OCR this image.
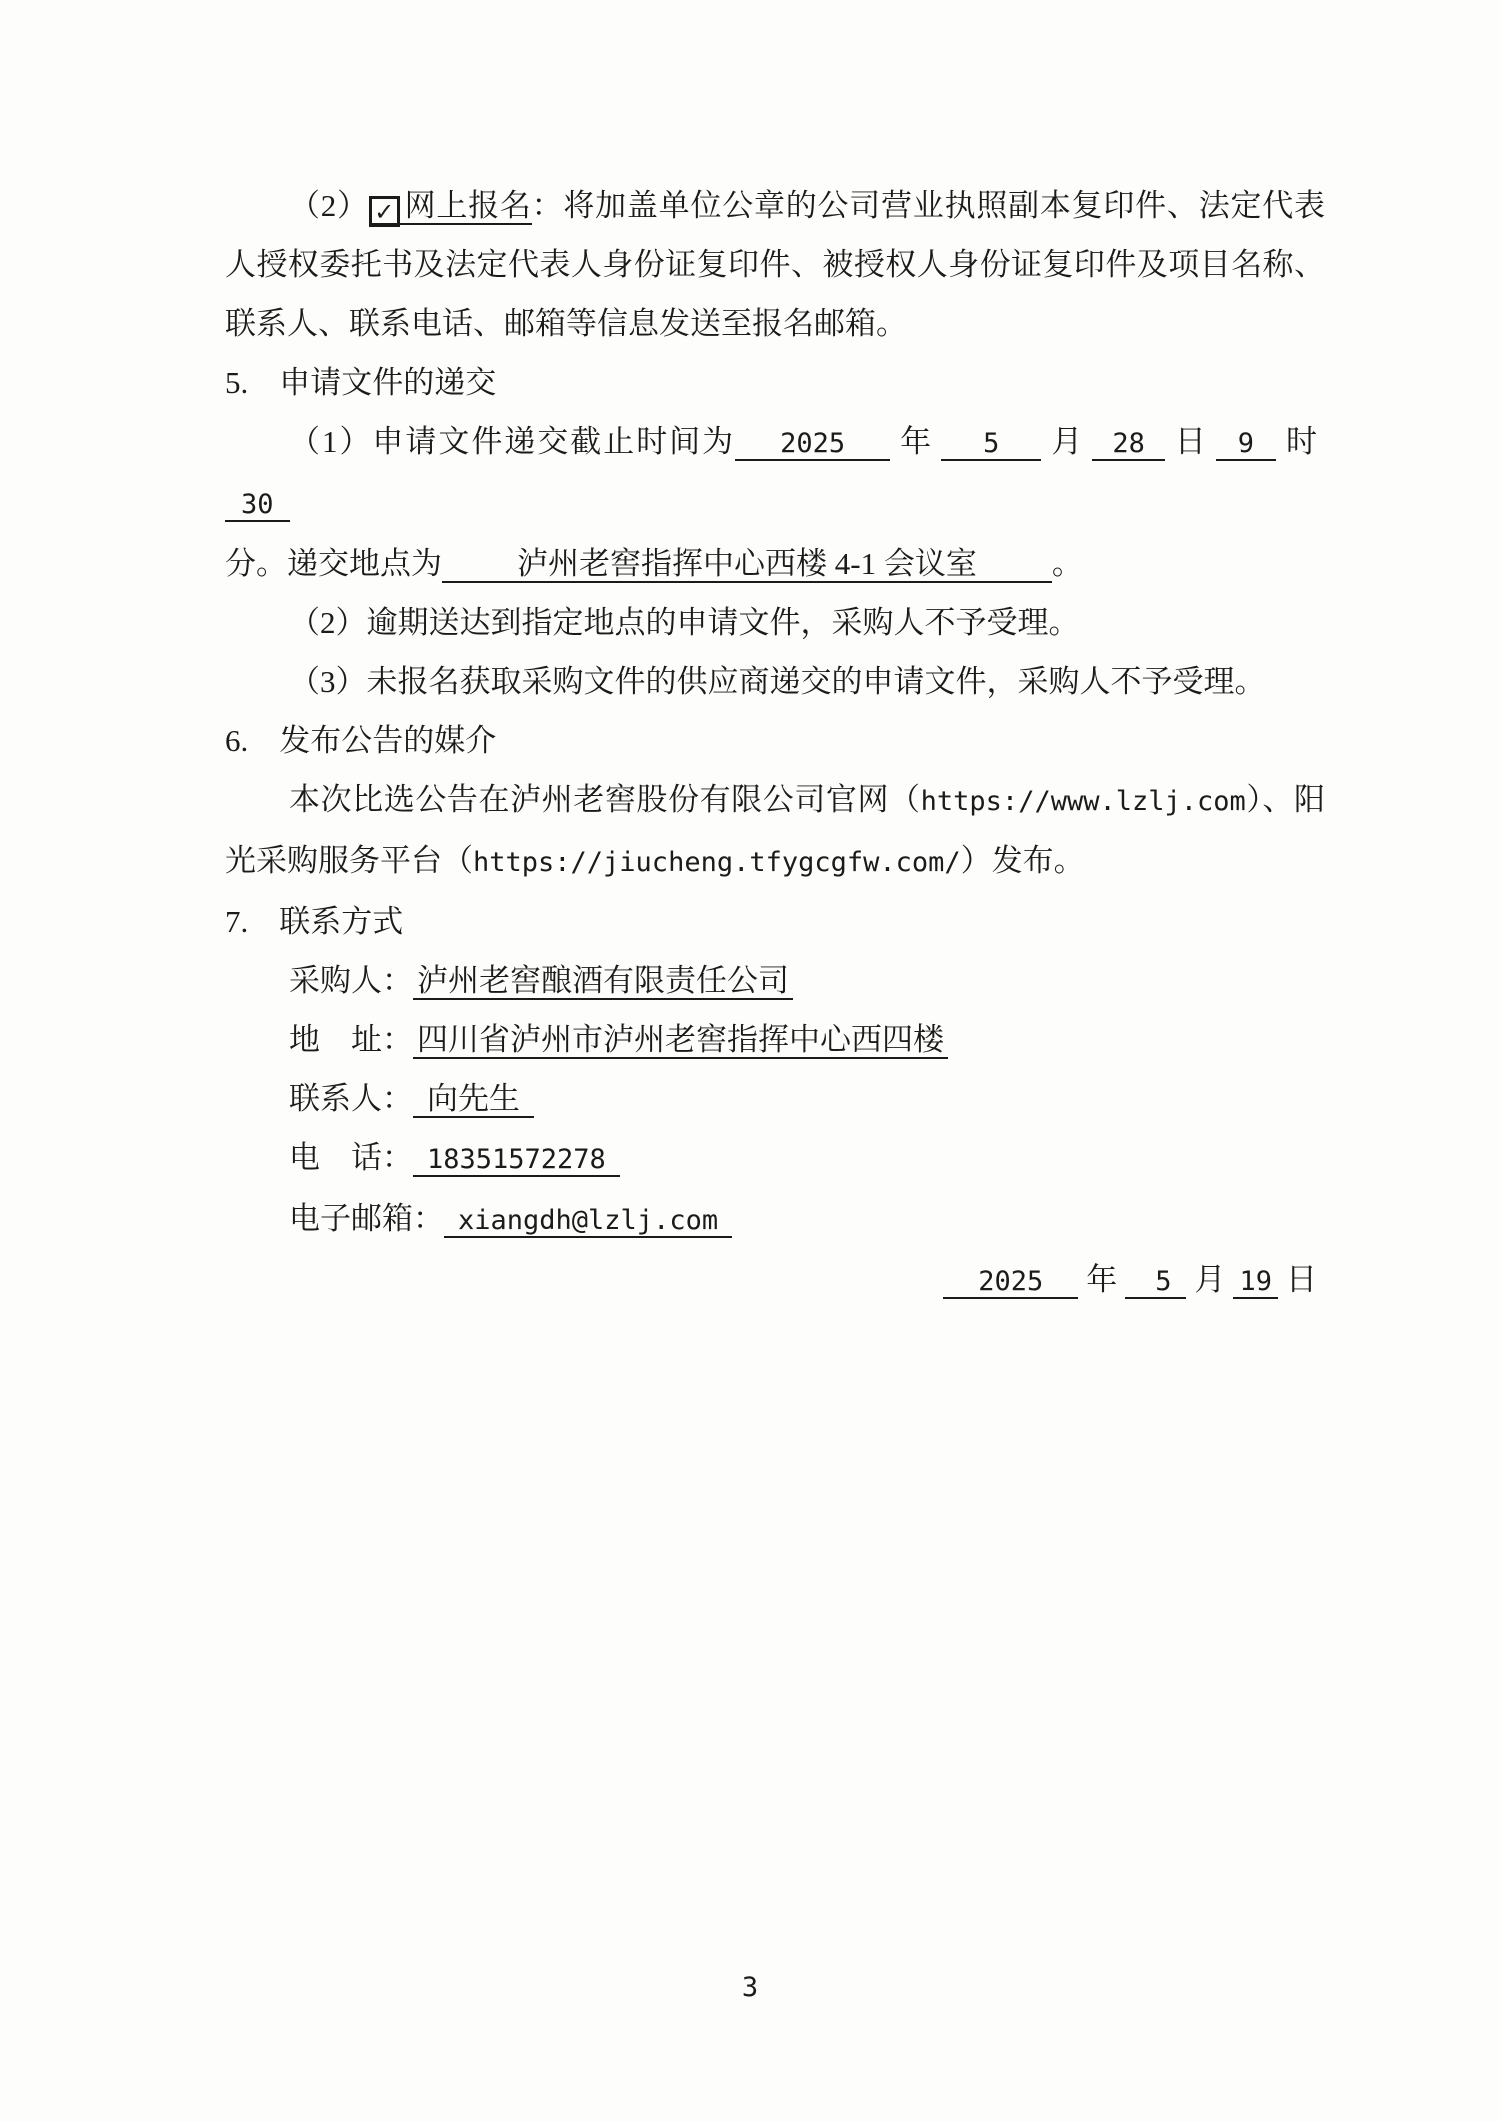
（2） ✓ 网上报名：将加盖单位公章的公司营业执照副本复印件、法定代表人授权委托书及法定代表人身份证复印件、被授权人身份证复印件及项目名称、联系人、联系电话、邮箱等信息发送至报名邮箱。

5.　申请文件的递交

（1）申请文件递交截止时间为 2025 年 5 月 28 日 9 时30
分。递交地点为 泸州老窖指挥中心西楼 4-1 会议室 。

（2）逾期送达到指定地点的申请文件，采购人不予受理。

（3）未报名获取采购文件的供应商递交的申请文件，采购人不予受理。

6.　发布公告的媒介

本次比选公告在泸州老窖股份有限公司官网（https://www.lzlj.com）、阳光采购服务平台（https://jiucheng.tfygcgfw.com/）发布。

7.　联系方式

采购人： 泸州老窖酿酒有限责任公司

地　址： 四川省泸州市泸州老窖指挥中心西四楼

联系人： 向先生

电　话： 18351572278

电子邮箱： xiangdh@lzlj.com

2025 年 5 月 19 日

3
